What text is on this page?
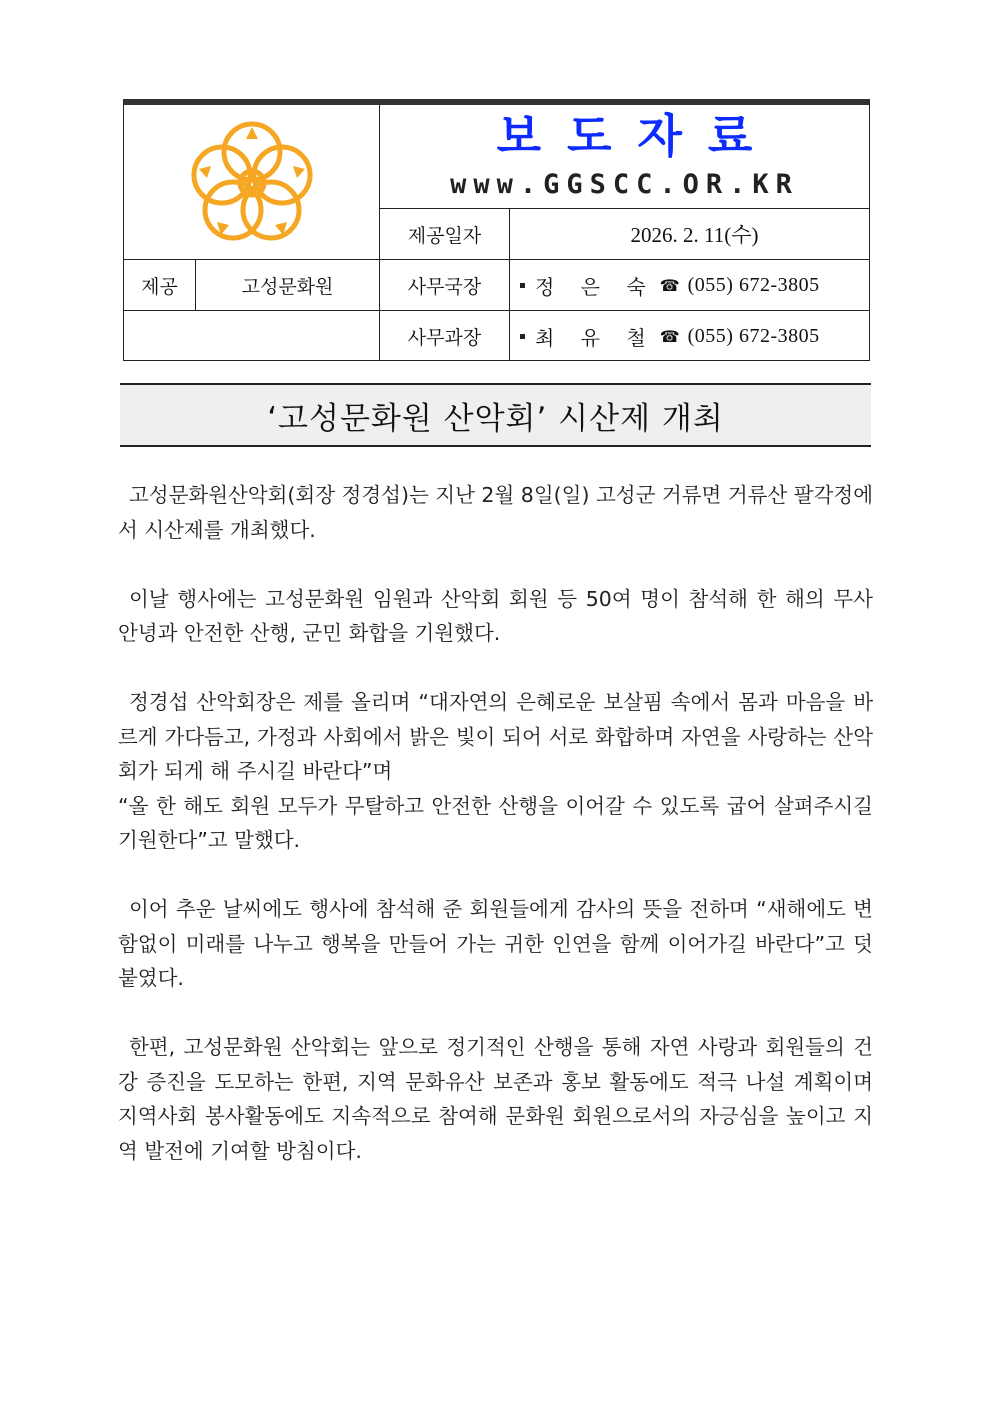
보도자료
www.GGSCC.OR.KR
제공일자	2026. 2. 11(수)
제공	고성문화원	사무국장	정 은 숙 ☎ (055) 672-3805
사무과장	최 유 철 ☎ (055) 672-3805
‘고성문화원 산악회’ 시산제 개최

고성문화원산악회(회장 정경섭)는 지난 2월 8일(일) 고성군 거류면 거류산 팔각정에서 시산제를 개최했다.

이날 행사에는 고성문화원 임원과 산악회 회원 등 50여 명이 참석해 한 해의 무사 안녕과 안전한 산행, 군민 화합을 기원했다.

정경섭 산악회장은 제를 올리며 “대자연의 은혜로운 보살핌 속에서 몸과 마음을 바르게 가다듬고, 가정과 사회에서 밝은 빛이 되어 서로 화합하며 자연을 사랑하는 산악회가 되게 해 주시길 바란다”며

“올 한 해도 회원 모두가 무탈하고 안전한 산행을 이어갈 수 있도록 굽어 살펴주시길 기원한다”고 말했다.

이어 추운 날씨에도 행사에 참석해 준 회원들에게 감사의 뜻을 전하며 “새해에도 변함없이 미래를 나누고 행복을 만들어 가는 귀한 인연을 함께 이어가길 바란다”고 덧붙였다.

한편, 고성문화원 산악회는 앞으로 정기적인 산행을 통해 자연 사랑과 회원들의 건강 증진을 도모하는 한편, 지역 문화유산 보존과 홍보 활동에도 적극 나설 계획이며 지역사회 봉사활동에도 지속적으로 참여해 문화원 회원으로서의 자긍심을 높이고 지역 발전에 기여할 방침이다.
